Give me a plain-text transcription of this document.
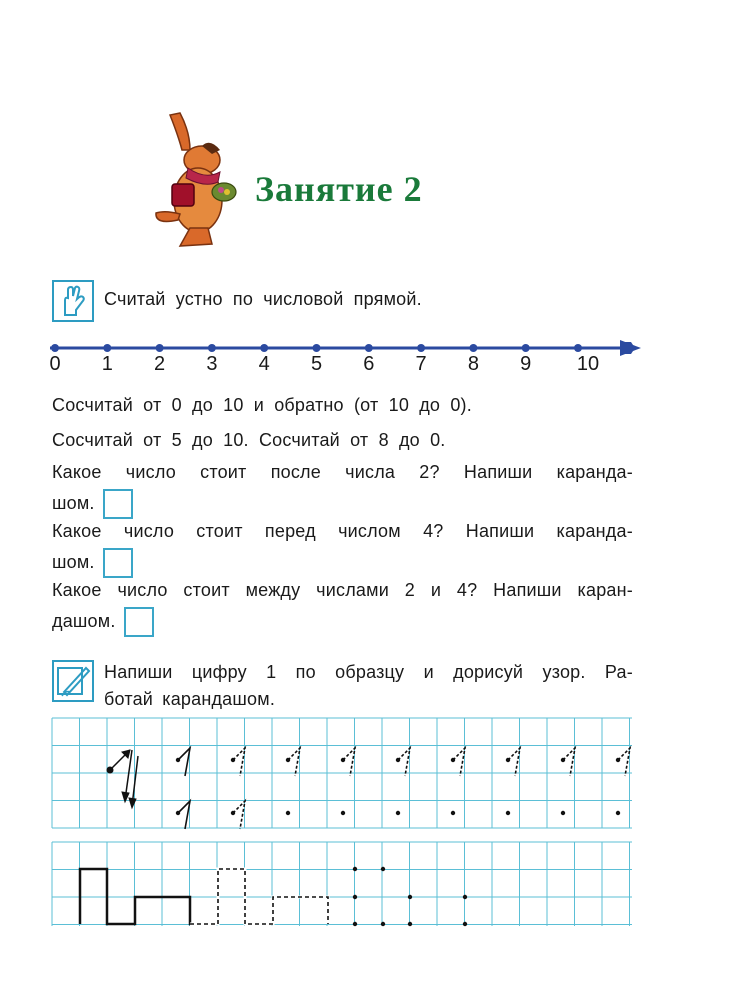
Занятие 2
Считай устно по числовой прямой.
0 1 2 3 4 5 6 7 8 9 10
Сосчитай от 0 до 10 и обратно (от 10 до 0).
Сосчитай от 5 до 10. Сосчитай от 8 до 0.
Какое число стоит после числа 2? Напиши каранда-
шом.
Какое число стоит перед числом 4? Напиши каранда-
шом.
Какое число стоит между числами 2 и 4? Напиши каран-
дашом.
Напиши цифру 1 по образцу и дорисуй узор. Ра-
ботай карандашом.
